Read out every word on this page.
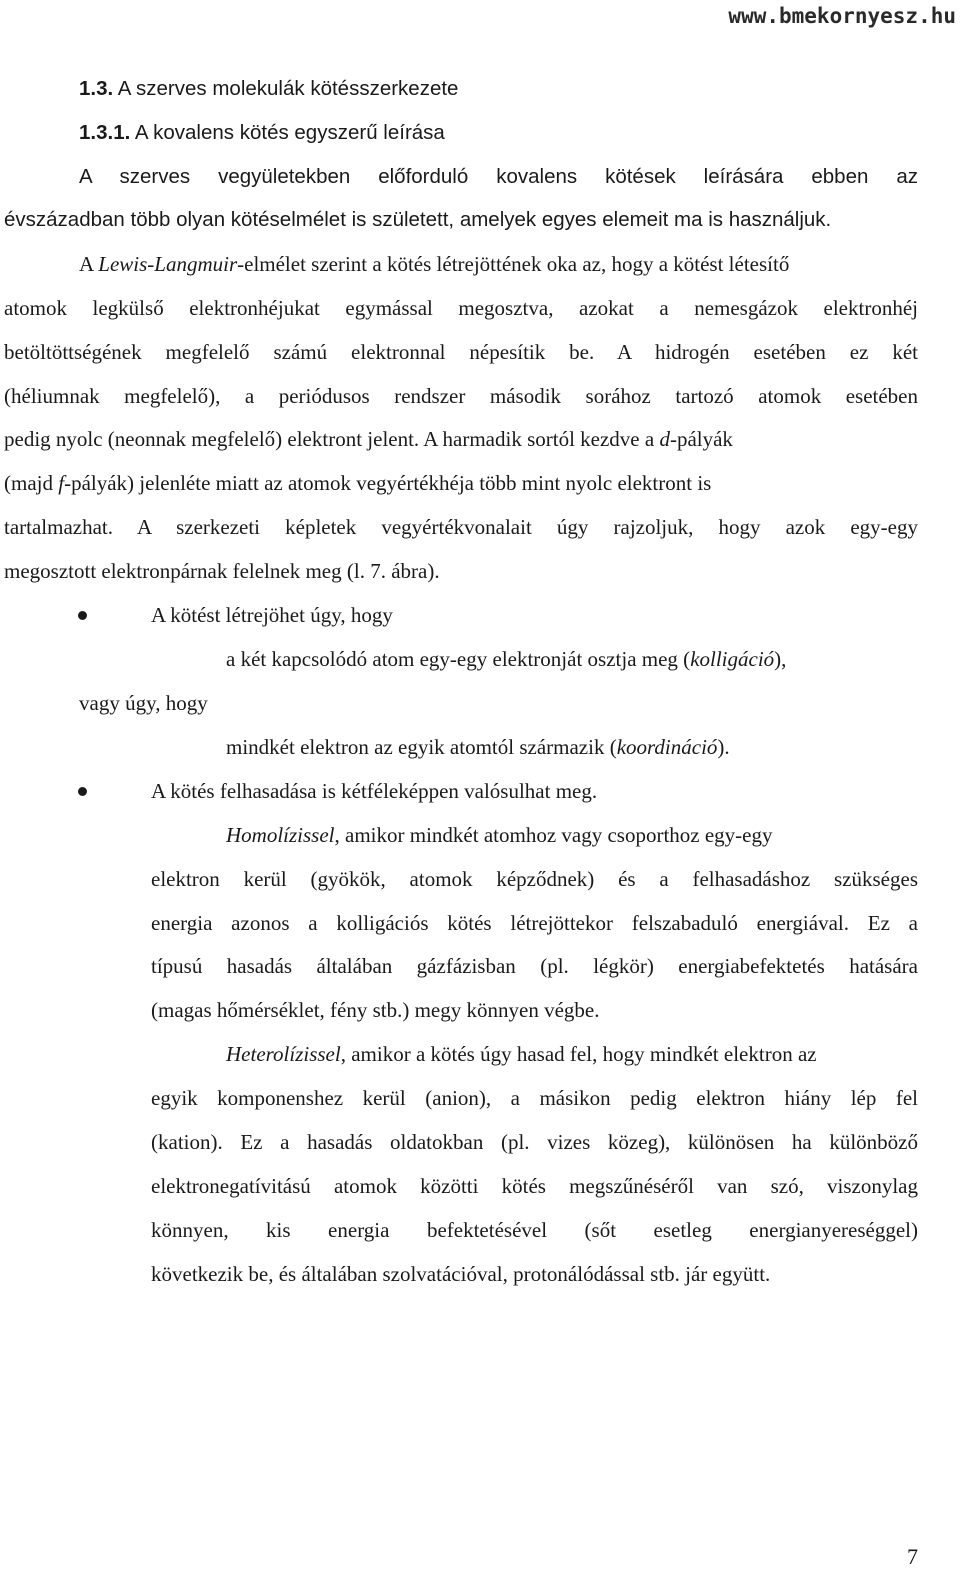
www.bmekornyesz.hu
1.3. A szerves molekulák kötésszerkezete
1.3.1. A kovalens kötés egyszerű leírása
A szerves vegyületekben előforduló kovalens kötések leírására ebben az
évszázadban több olyan kötéselmélet is született, amelyek egyes elemeit ma is használjuk.
A Lewis-Langmuir-elmélet szerint a kötés létrejöttének oka az, hogy a kötést létesítő
atomok legkülső elektronhéjukat egymással megosztva, azokat a nemesgázok elektronhéj
betöltöttségének megfelelő számú elektronnal népesítik be. A hidrogén esetében ez két
(héliumnak megfelelő), a periódusos rendszer második sorához tartozó atomok esetében
pedig nyolc (neonnak megfelelő) elektront jelent. A harmadik sortól kezdve a d-pályák
(majd f-pályák) jelenléte miatt az atomok vegyértékhéja több mint nyolc elektront is
tartalmazhat. A szerkezeti képletek vegyértékvonalait úgy rajzoljuk, hogy azok egy-egy
megosztott elektronpárnak felelnek meg (l. 7. ábra).
A kötést létrejöhet úgy, hogy
a két kapcsolódó atom egy-egy elektronját osztja meg (kolligáció),
vagy úgy, hogy
mindkét elektron az egyik atomtól származik (koordináció).
A kötés felhasadása is kétféleképpen valósulhat meg.
Homolízissel, amikor mindkét atomhoz vagy csoporthoz egy-egy
elektron kerül (gyökök, atomok képződnek) és a felhasadáshoz szükséges
energia azonos a kolligációs kötés létrejöttekor felszabaduló energiával. Ez a
típusú hasadás általában gázfázisban (pl. légkör) energiabefektetés hatására
(magas hőmérséklet, fény stb.) megy könnyen végbe.
Heterolízissel, amikor a kötés úgy hasad fel, hogy mindkét elektron az
egyik komponenshez kerül (anion), a másikon pedig elektron hiány lép fel
(kation). Ez a hasadás oldatokban (pl. vizes közeg), különösen ha különböző
elektronegatívitású atomok közötti kötés megszűnéséről van szó, viszonylag
könnyen, kis energia befektetésével (sőt esetleg energianyereséggel)
következik be, és általában szolvatációval, protonálódással stb. jár együtt.
7
